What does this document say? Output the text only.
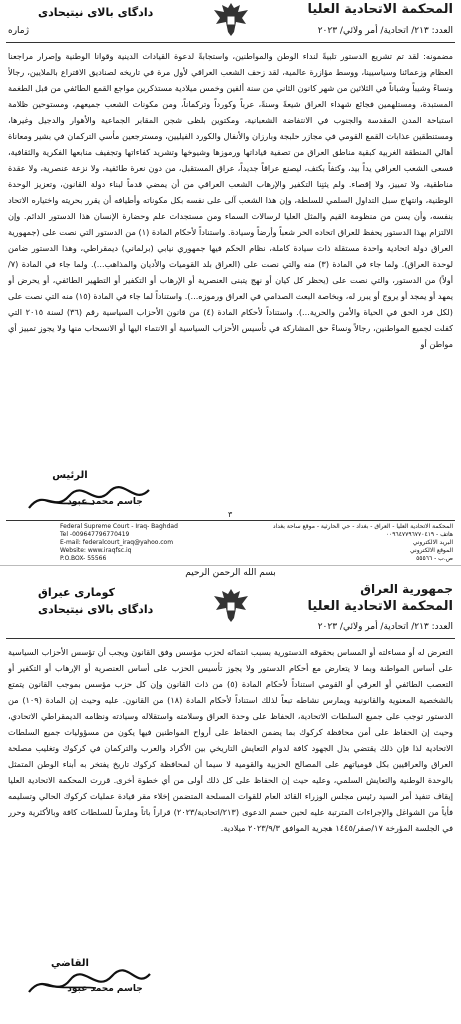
المحكمة الاتحادية العليا
دادگای بالای نیتیحادی
العدد: ٢١٣/ اتحادية/ أمر ولائي/ ٢٠٢٣
ژمارە
مضمونه: لقد تم تشريع الدستور تلبيةً لنداء الوطن والمواطنين، واستجابةً لدعوة القيادات الدينية وقوانا الوطنية وإصرار مراجعنا العظام وزعمائنا وسياسيينا، ووسط مؤازرة عالمية، لقد زحف الشعب العراقي لأول مرة في تاريخه لصناديق الاقتراع بالملايين، رجالاً ونساءً وشيباً وشباناً في الثلاثين من شهر كانون الثاني من سنة ألفين وخمس ميلادية مستذكرين مواجع القمع الطائفي من قبل الطغمة المستبدة، ومستلهمين فجائع شهداء العراق شيعةً وسنةً، عرباً وكورداً وتركماناً، ومن مكونات الشعب جميعهم، ومستوحين ظلامة استباحة المدن المقدسة والجنوب في الانتفاضة الشعبانية، ومكتوين بلظى شجن المقابر الجماعية والأهوار والدجيل وغيرها، ومستنطقين عذابات القمع القومي في مجازر حلبجة وبارزان والأنفال والكورد الفيليين، ومسترجعين مأسي التركمان في بشير ومعاناة أهالي المنطقة الغربية كبقية مناطق العراق من تصفية قياداتها ورموزها وشيوخها وتشريد كفاءاتها وتجفيف منابعها الفكرية والثقافية، فسعى الشعب العراقي يداً بيد، وكتفاً بكتف، ليصنع عراقاً جديداً، عراق المستقبل، من دون نعرة طائفية، ولا نزعة عنصرية، ولا عقدة مناطقية، ولا تمييز، ولا إقصاء. ولم يثنِنا التكفير والإرهاب الشعب العراقي من أن يمضي قدماً لبناء دولة القانون، وتعزيز الوحدة الوطنية، وانتهاج سبل التداول السلمي للسلطة، وإن هذا الشعب آلى على نفسه بكل مكوناته وأطيافه أن يقرر بحريته واختياره الاتحاد بنفسه، وأن يسن من منظومة القيم والمثل العليا لرسالات السماء ومن مستجدات علم وحضارة الإنسان هذا الدستور الدائم. وإن الالتزام بهذا الدستور يحفظ للعراق اتحاده الحر شعباً وأرضاً وسيادة. واستناداً لأحكام المادة (١) من الدستور التي نصت على (جمهورية العراق دولة اتحادية واحدة مستقلة ذات سيادة كاملة، نظام الحكم فيها جمهوري نيابي (برلماني) ديمقراطي، وهذا الدستور ضامن لوحدة العراق). ولما جاء في المادة (٣) منه والتي نصت على (العراق بلد القوميات والأديان والمذاهب...). ولما جاء في المادة (٧/ أولاً) من الدستور، والتي نصت على (يحظر كل كيان أو نهج يتبنى العنصرية أو الإرهاب أو التكفير أو التطهير الطائفي، أو يحرض أو يمهد أو يمجد أو يروج أو يبرر له، وبخاصة البعث الصدامي في العراق ورموزه...). واستناداً لما جاء في المادة (١٥) منه التي نصت على (لكل فرد الحق في الحياة والأمن والحرية...). واستناداً لأحكام المادة (٤) من قانون الأحزاب السياسية رقم (٣٦) لسنة ٢٠١٥ التي كفلت لجميع المواطنين، رجالاً ونساءً حق المشاركة في تأسيس الأحزاب السياسية أو الانتماء اليها أو الانسحاب منها ولا يجوز تمييز أي مواطن أو
الرئيس
جاسم محمد عبود
٣
Federal Supreme Court - Iraq- Baghdad
Tel -009647796770419
E-mail: federalcourt_iraq@yahoo.com
Website: www.iraqfsc.iq
P.O.BOX- 55566
المحكمة الاتحادية العليا - العراق - بغداد - حي الحارثية - موقع ساحة بغداد
هاتف - ٠٠٩٦٤٧٧٩٦٧٧٠٤١٩
البريد الالكتروني
الموقع الالكتروني
ص.ب - ٥٥٥٦٦
بسم الله الرحمن الرحيم
جمهورية العراق
المحكمة الاتحادية العليا
كوماری عيراق
دادگای بالای نیتیحادی
العدد: ٢١٣/ اتحادية/ أمر ولائي/ ٢٠٢٣
التعرض له أو مساءلته أو المساس بحقوقه الدستورية بسبب انتمائه لحزب مؤسس وفق القانون ويجب أن تؤسس الأحزاب السياسية على أساس المواطنة وبما لا يتعارض مع أحكام الدستور ولا يجوز تأسيس الحزب على أساس العنصرية أو الإرهاب أو التكفير أو التعصب الطائفي أو العرقي أو القومي استناداً لأحكام المادة (٥) من ذات القانون وإن كل حزب مؤسس بموجب القانون يتمتع بالشخصية المعنوية والقانونية ويمارس نشاطه تبعاً لذلك استناداً لأحكام المادة (١٨) من القانون. عليه وحيث إن المادة (١٠٩) من الدستور توجب على جميع السلطات الاتحادية، الحفاظ على وحدة العراق وسلامته واستقلاله وسيادته ونظامه الديمقراطي الاتحادي، وحيث إن الحفاظ على أمن محافظة كركوك بما يضمن الحفاظ على أرواح المواطنين فيها يكون من مسؤوليات جميع السلطات الاتحادية لذا فإن ذلك يقتضي بذل الجهود كافة لدوام التعايش التاريخي بين الأكراد والعرب والتركمان في كركوك وتغليب مصلحة العراق والعراقيين بكل قومياتهم على المصالح الحزبية والقومية لا سيما أن لمحافظة كركوك تاريخ يفتخر به أبناء الوطن المتمثل بالوحدة الوطنية والتعايش السلمي، وعليه حيث إن الحفاظ على كل ذلك أولى من أي خطوة أخرى. قررت المحكمة الاتحادية العليا إيقاف تنفيذ أمر السيد رئيس مجلس الوزراء القائد العام للقوات المسلحة المتضمن إخلاء مقر قيادة عمليات كركوك الحالي وتسليمه فأياً من الشواغل والإجراءات المترتبة عليه لحين حسم الدعوى (٢١٣/اتحادية/٢٠٢٣) قراراً باتاً وملزماً للسلطات كافة وبالأكثرية وحرر في الجلسة المؤرخة ١٧/صفر/١٤٤٥ هجرية الموافق ٢٠٢٣/٩/٣ ميلادية.
القاضي
جاسم محمد عبود
